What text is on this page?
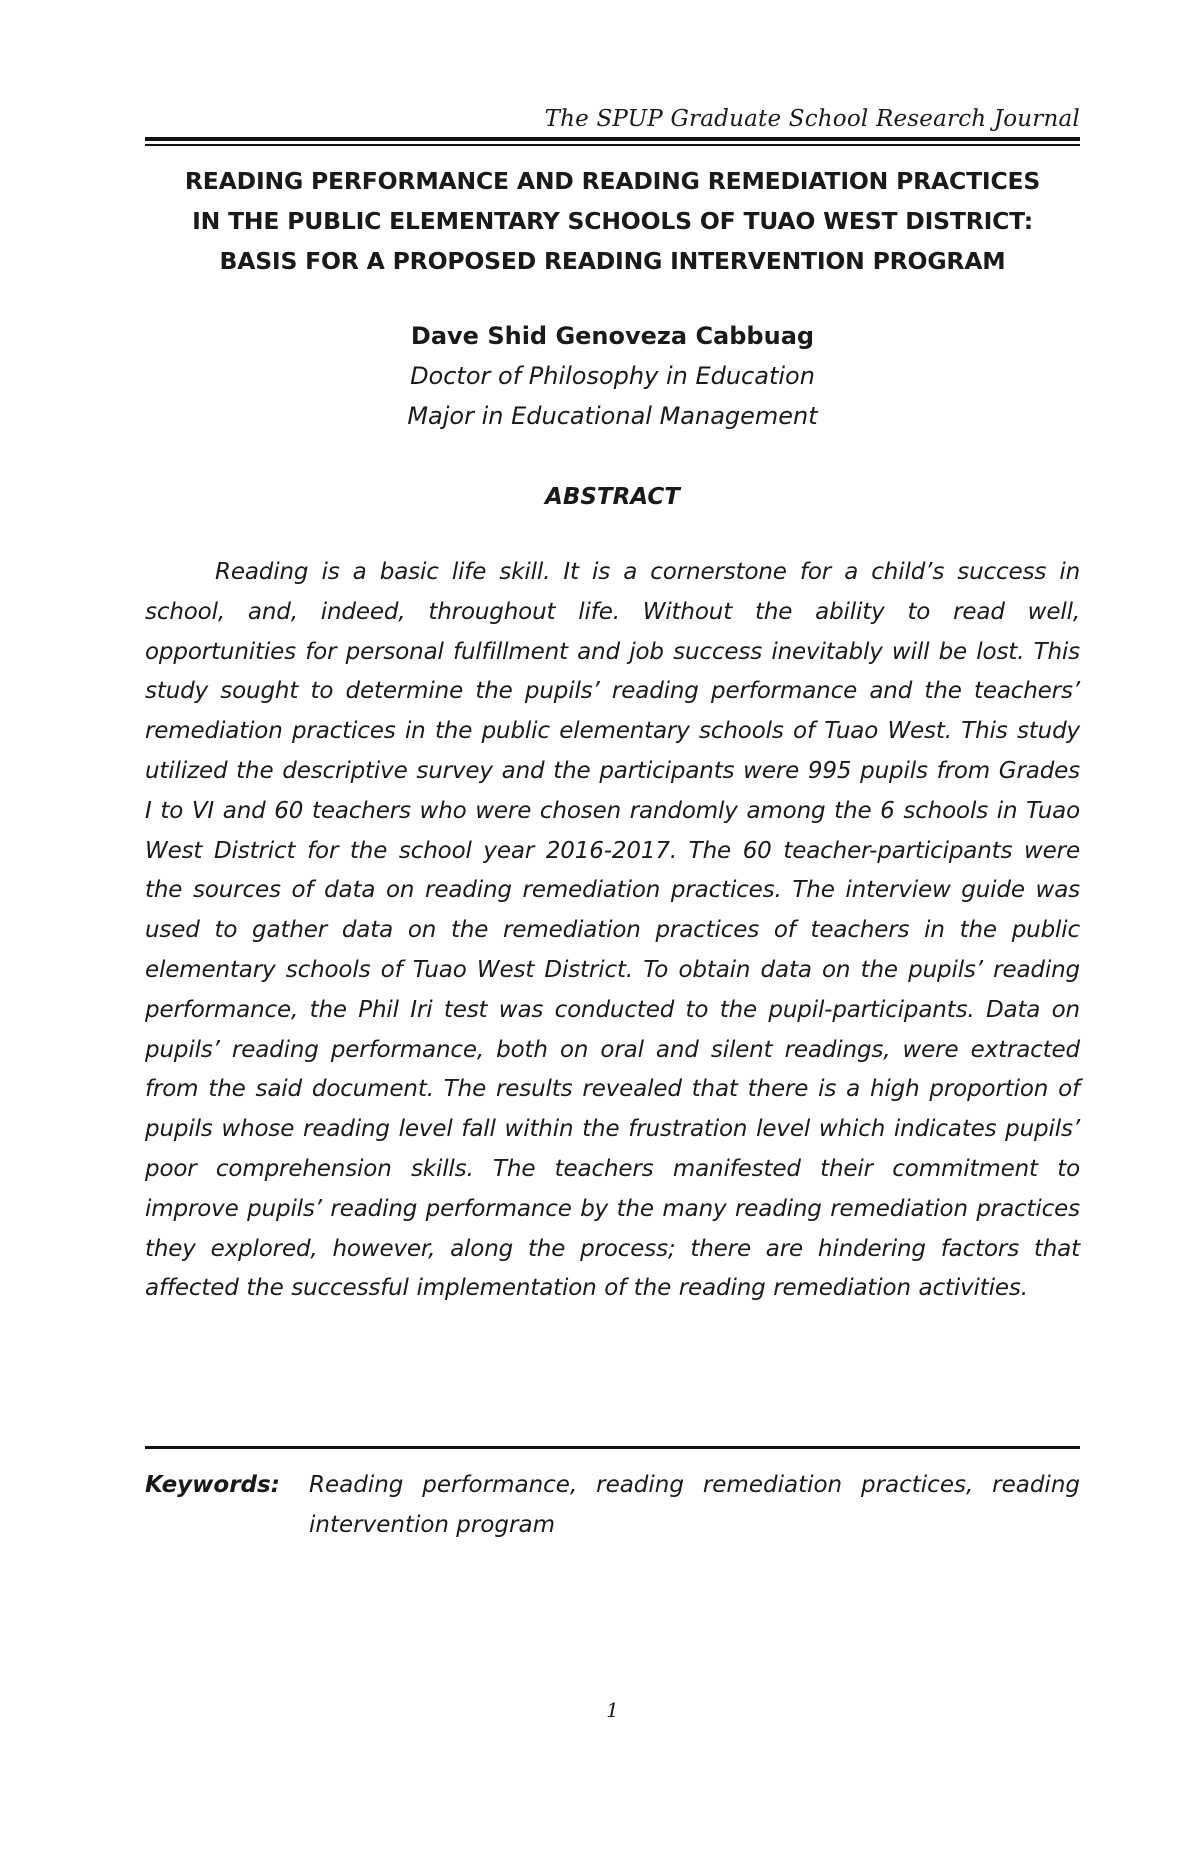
The SPUP Graduate School Research Journal
READING PERFORMANCE AND READING REMEDIATION PRACTICES
IN THE PUBLIC ELEMENTARY SCHOOLS OF TUAO WEST DISTRICT:
BASIS FOR A PROPOSED READING INTERVENTION PROGRAM
Dave Shid Genoveza Cabbuag
Doctor of Philosophy in Education
Major in Educational Management
ABSTRACT
Reading is a basic life skill. It is a cornerstone for a child’s success in school, and, indeed, throughout life. Without the ability to read well, opportunities for personal fulfillment and job success inevitably will be lost. This study sought to determine the pupils’ reading performance and the teachers’ remediation practices in the public elementary schools of Tuao West. This study utilized the descriptive survey and the participants were 995 pupils from Grades I to VI and 60 teachers who were chosen randomly among the 6 schools in Tuao West District for the school year 2016-2017. The 60 teacher-participants were the sources of data on reading remediation practices. The interview guide was used to gather data on the remediation practices of teachers in the public elementary schools of Tuao West District. To obtain data on the pupils’ reading performance, the Phil Iri test was conducted to the pupil-participants. Data on pupils’ reading performance, both on oral and silent readings, were extracted from the said document. The results revealed that there is a high proportion of pupils whose reading level fall within the frustration level which indicates pupils’ poor comprehension skills. The teachers manifested their commitment to improve pupils’ reading performance by the many reading remediation practices they explored, however, along the process; there are hindering factors that affected the successful implementation of the reading remediation activities.
Keywords:	Reading performance, reading remediation practices, reading intervention program
1
